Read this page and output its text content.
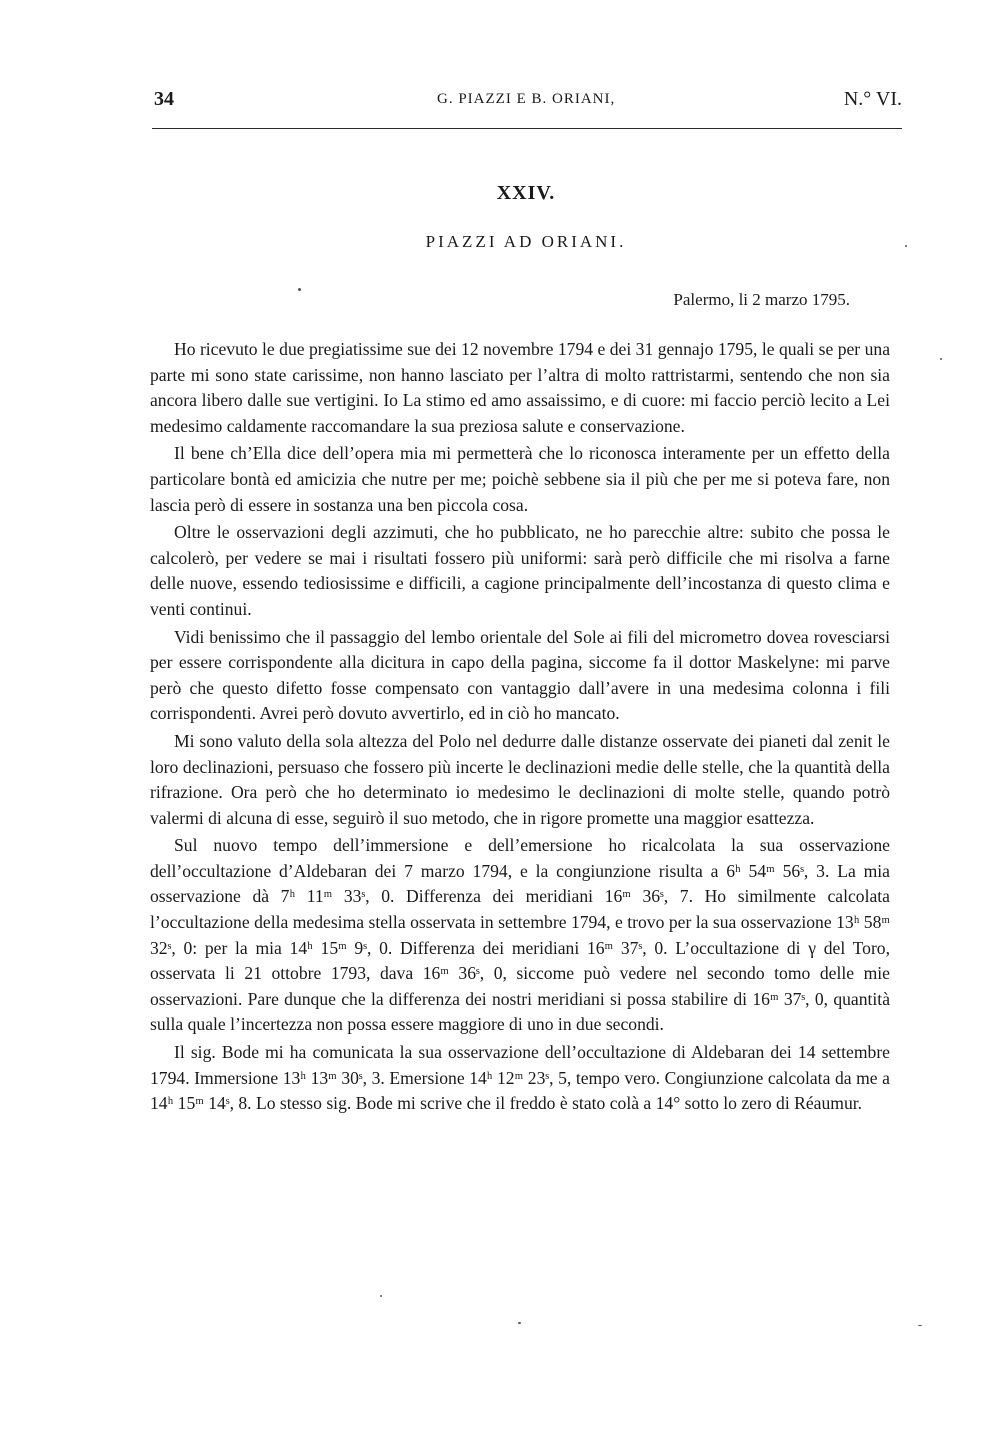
34	G. PIAZZI E B. ORIANI,	N.° VI.
XXIV.
PIAZZI AD ORIANI.
Palermo, li 2 marzo 1795.

Ho ricevuto le due pregiatissime sue dei 12 novembre 1794 e dei 31 gennajo 1795, le quali se per una parte mi sono state carissime, non hanno lasciato per l’altra di molto rattristarmi, sentendo che non sia ancora libero dalle sue vertigini. Io La stimo ed amo assaissimo, e di cuore: mi faccio perciò lecito a Lei medesimo caldamente raccomandare la sua preziosa salute e conservazione.

Il bene ch’Ella dice dell’opera mia mi permetterà che lo riconosca interamente per un effetto della particolare bontà ed amicizia che nutre per me; poichè sebbene sia il più che per me si poteva fare, non lascia però di essere in sostanza una ben piccola cosa.

Oltre le osservazioni degli azzimuti, che ho pubblicato, ne ho parecchie altre: subito che possa le calcolerò, per vedere se mai i risultati fossero più uniformi: sarà però difficile che mi risolva a farne delle nuove, essendo tediosissime e difficili, a cagione principalmente dell’incostanza di questo clima e venti continui.

Vidi benissimo che il passaggio del lembo orientale del Sole ai fili del micrometro dovea rovesciarsi per essere corrispondente alla dicitura in capo della pagina, siccome fa il dottor Maskelyne: mi parve però che questo difetto fosse compensato con vantaggio dall’avere in una medesima colonna i fili corrispondenti. Avrei però dovuto avvertirlo, ed in ciò ho mancato.

Mi sono valuto della sola altezza del Polo nel dedurre dalle distanze osservate dei pianeti dal zenit le loro declinazioni, persuaso che fossero più incerte le declinazioni medie delle stelle, che la quantità della rifrazione. Ora però che ho determinato io medesimo le declinazioni di molte stelle, quando potrò valermi di alcuna di esse, seguirò il suo metodo, che in rigore promette una maggior esattezza.

Sul nuovo tempo dell’immersione e dell’emersione ho ricalcolata la sua osservazione dell’occultazione d’Aldebaran dei 7 marzo 1794, e la congiunzione risulta a 6ʰ 54ᵐ 56ˢ, 3. La mia osservazione dà 7ʰ 11ᵐ 33ˢ, 0. Differenza dei meridiani 16ᵐ 36ˢ, 7. Ho similmente calcolata l’occultazione della medesima stella osservata in settembre 1794, e trovo per la sua osservazione 13ʰ 58ᵐ 32ˢ, 0: per la mia 14ʰ 15ᵐ 9ˢ, 0. Differenza dei meridiani 16ᵐ 37ˢ, 0. L’occultazione di γ del Toro, osservata li 21 ottobre 1793, dava 16ᵐ 36ˢ, 0, siccome può vedere nel secondo tomo delle mie osservazioni. Pare dunque che la differenza dei nostri meridiani si possa stabilire di 16ᵐ 37ˢ, 0, quantità sulla quale l’incertezza non possa essere maggiore di uno in due secondi.

Il sig. Bode mi ha comunicata la sua osservazione dell’occultazione di Aldebaran dei 14 settembre 1794. Immersione 13ʰ 13ᵐ 30ˢ, 3. Emersione 14ʰ 12ᵐ 23ˢ, 5, tempo vero. Congiunzione calcolata da me a 14ʰ 15ᵐ 14ˢ, 8. Lo stesso sig. Bode mi scrive che il freddo è stato colà a 14° sotto lo zero di Réaumur.
